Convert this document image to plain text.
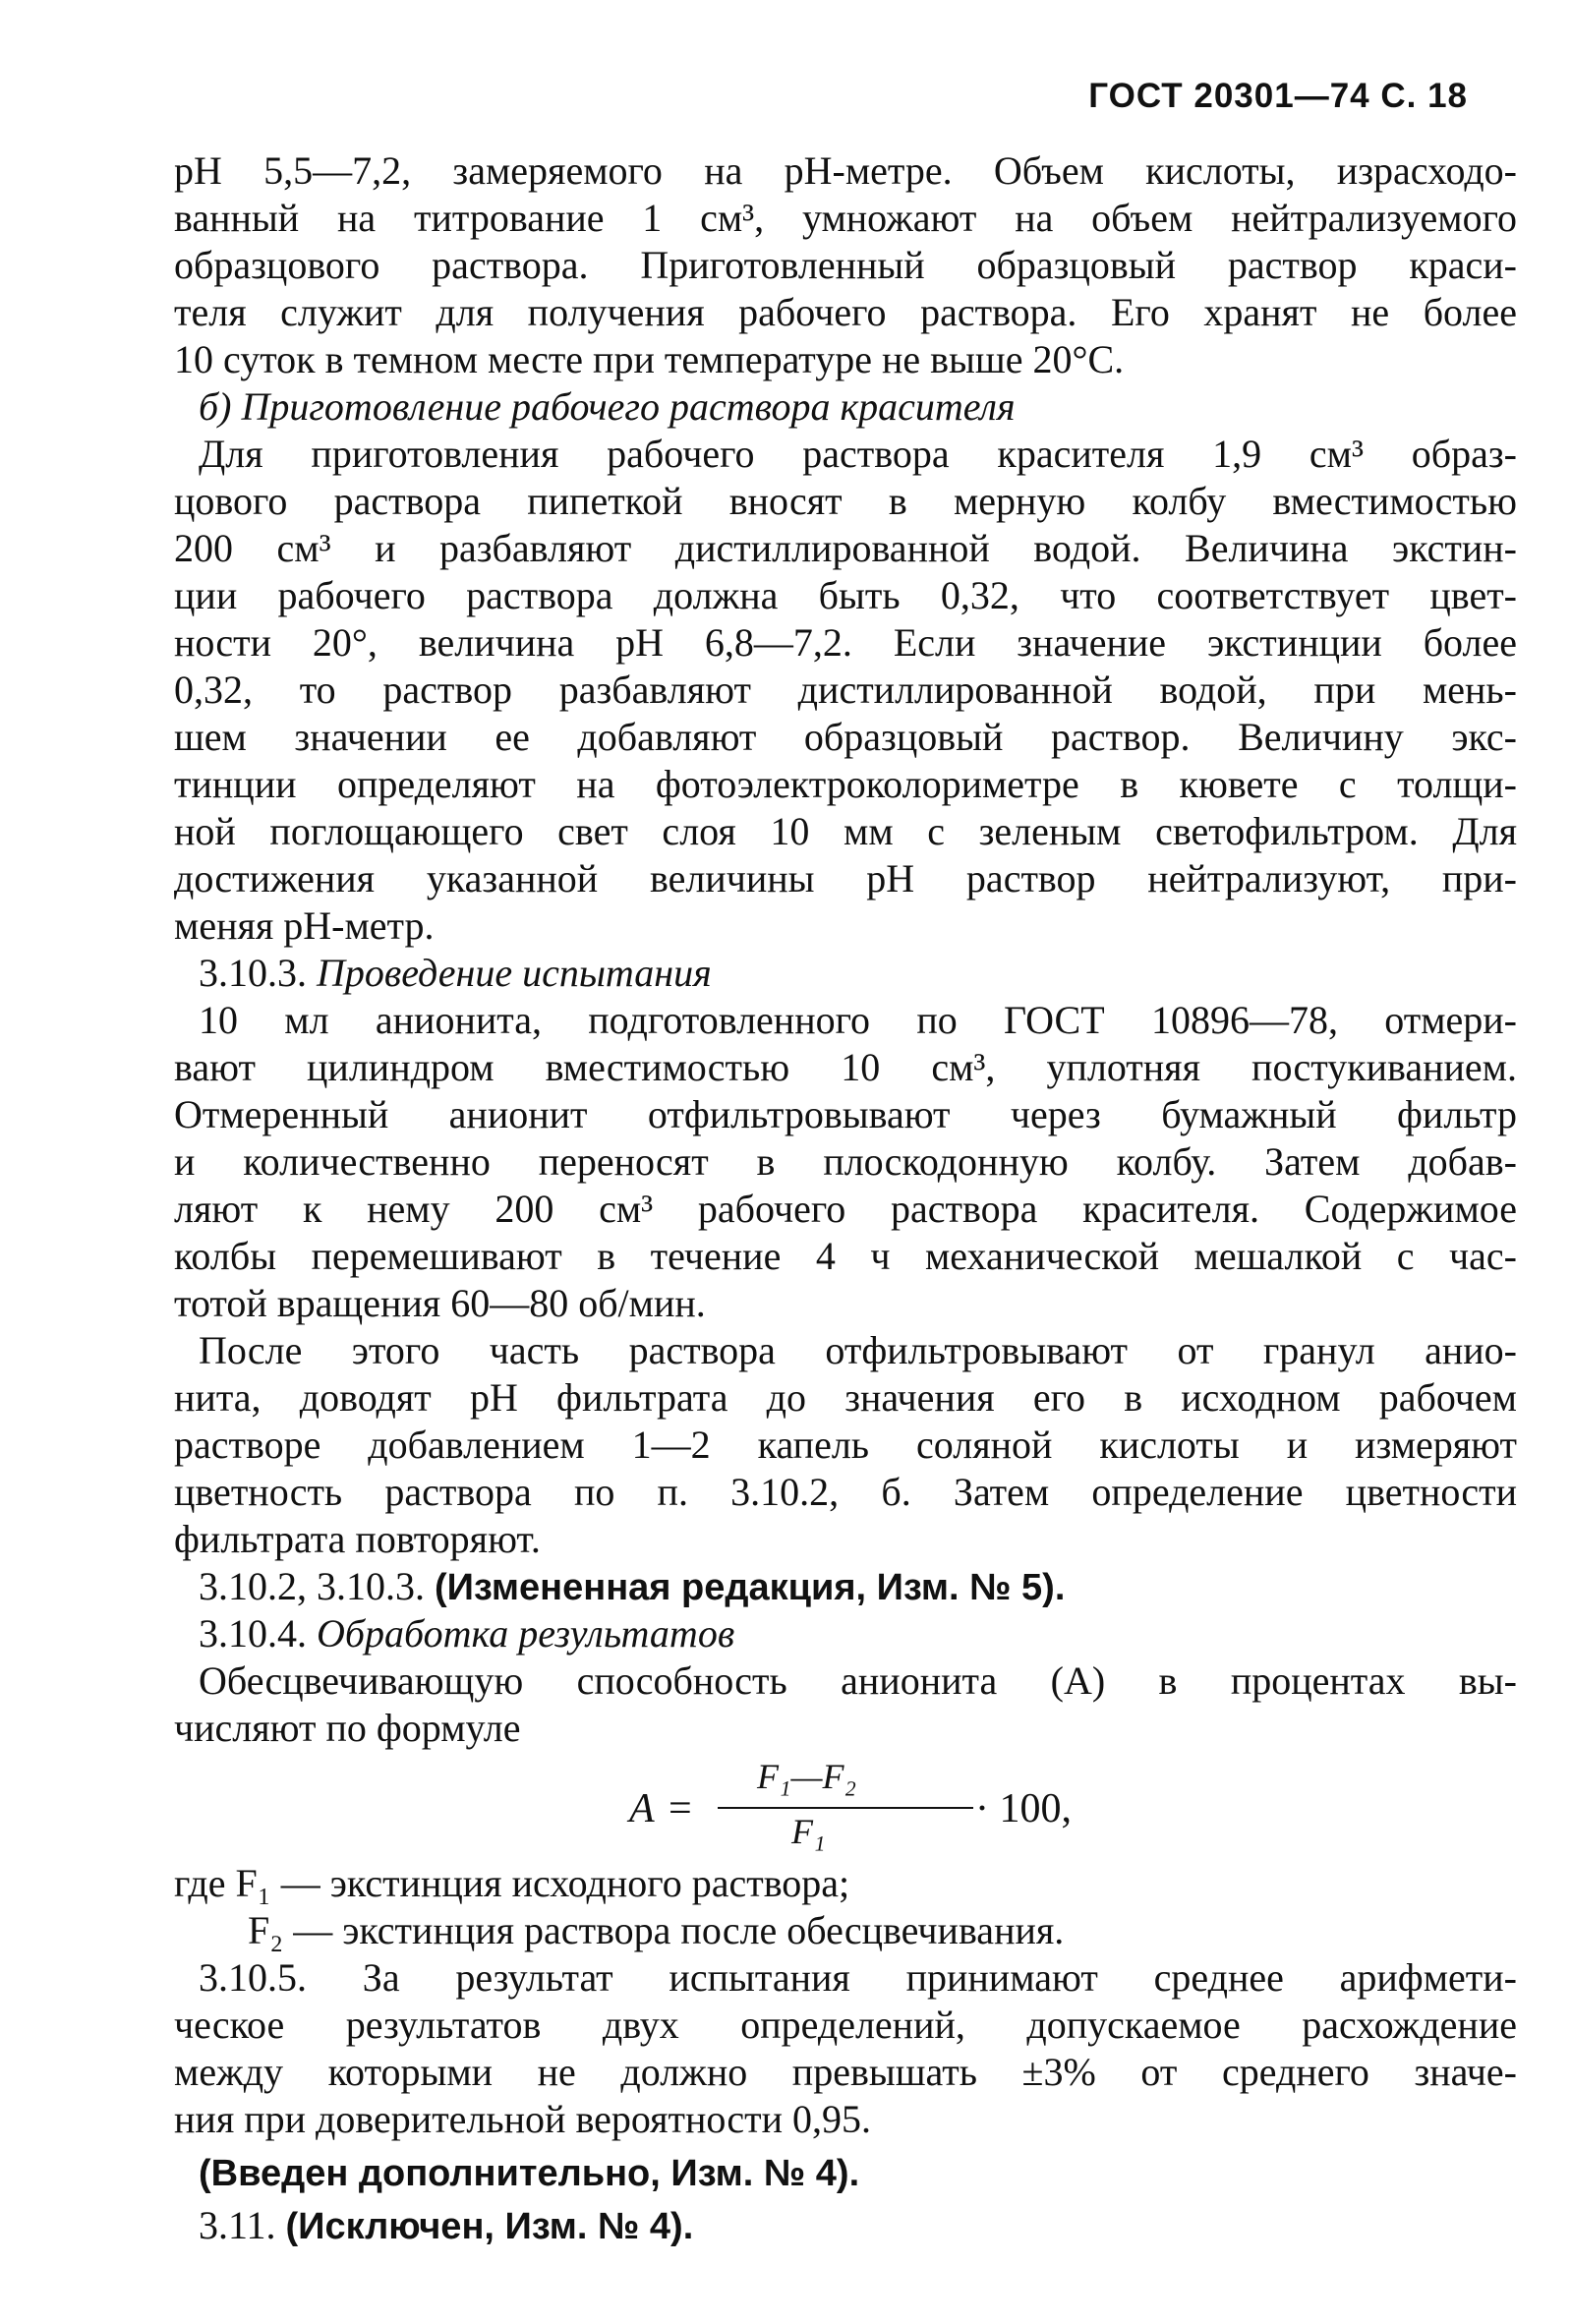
ГОСТ 20301—74 С. 18
рН 5,5—7,2, замеряемого на рН-метре. Объем кислоты, израсходо-
ванный на титрование 1 см³, умножают на объем нейтрализуемого
образцового раствора. Приготовленный образцовый раствор краси-
теля служит для получения рабочего раствора. Его хранят не более
10 суток в темном месте при температуре не выше 20°С.
б) Приготовление рабочего раствора красителя
Для приготовления рабочего раствора красителя 1,9 см³ образ-
цового раствора пипеткой вносят в мерную колбу вместимостью
200 см³ и разбавляют дистиллированной водой. Величина экстин-
ции рабочего раствора должна быть 0,32, что соответствует цвет-
ности 20°, величина рН 6,8—7,2. Если значение экстинции более
0,32, то раствор разбавляют дистиллированной водой, при мень-
шем значении ее добавляют образцовый раствор. Величину экс-
тинции определяют на фотоэлектроколориметре в кювете с толщи-
ной поглощающего свет слоя 10 мм с зеленым светофильтром. Для
достижения указанной величины рН раствор нейтрализуют, при-
меняя рН-метр.
3.10.3. Проведение испытания
10 мл анионита, подготовленного по ГОСТ 10896—78, отмери-
вают цилиндром вместимостью 10 см³, уплотняя постукиванием.
Отмеренный анионит отфильтровывают через бумажный фильтр
и количественно переносят в плоскодонную колбу. Затем добав-
ляют к нему 200 см³ рабочего раствора красителя. Содержимое
колбы перемешивают в течение 4 ч механической мешалкой с час-
тотой вращения 60—80 об/мин.
После этого часть раствора отфильтровывают от гранул анио-
нита, доводят рН фильтрата до значения его в исходном рабочем
растворе добавлением 1—2 капель соляной кислоты и измеряют
цветность раствора по п. 3.10.2, б. Затем определение цветности
фильтрата повторяют.
3.10.2, 3.10.3. (Измененная редакция, Изм. № 5).
3.10.4. Обработка результатов
Обесцвечивающую способность анионита (А) в процентах вы-
числяют по формуле
A =
F₁—F₂
F₁	· 100,
где F₁ — экстинция исходного раствора;
F₂ — экстинция раствора после обесцвечивания.
3.10.5. За результат испытания принимают среднее арифмети-
ческое результатов двух определений, допускаемое расхождение
между которыми не должно превышать ±3% от среднего значе-
ния при доверительной вероятности 0,95.
(Введен дополнительно, Изм. № 4).
3.11. (Исключен, Изм. № 4).
